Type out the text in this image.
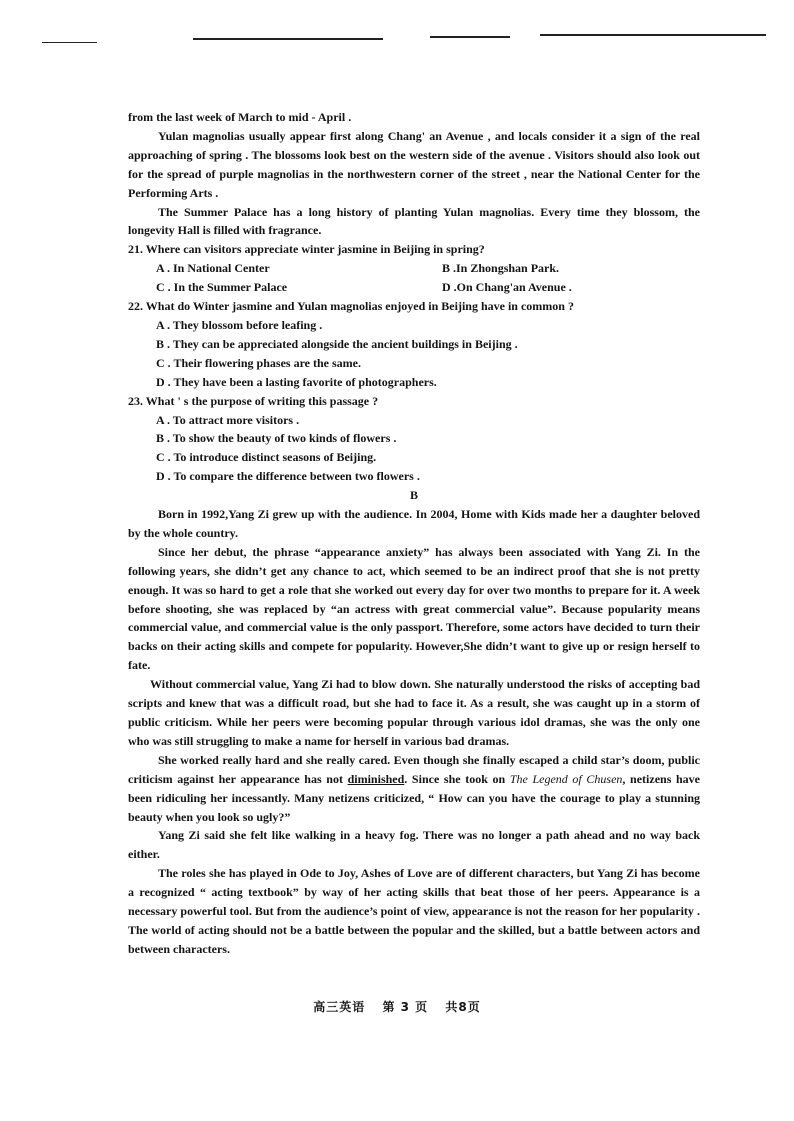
from the last week of March to mid - April .

Yulan magnolias usually appear first along Chang' an Avenue , and locals consider it a sign of the real approaching of spring . The blossoms look best on the western side of the avenue . Visitors should also look out for the spread of purple magnolias in the northwestern corner of the street , near the National Center for the Performing Arts .

The Summer Palace has a long history of planting Yulan magnolias. Every time they blossom, the longevity Hall is filled with fragrance.

21. Where can visitors appreciate winter jasmine in Beijing in spring?

A . In National Center	B .In Zhongshan Park.
C . In the Summer Palace	D .On Chang'an Avenue .

22. What do Winter jasmine and Yulan magnolias enjoyed in Beijing have in common ?

A . They blossom before leafing .
B . They can be appreciated alongside the ancient buildings in Beijing .
C . Their flowering phases are the same.
D . They have been a lasting favorite of photographers.

23. What ' s the purpose of writing this passage ?

A . To attract more visitors .
B . To show the beauty of two kinds of flowers .
C . To introduce distinct seasons of Beijing.
D . To compare the difference between two flowers .

B

Born in 1992,Yang Zi grew up with the audience. In 2004, Home with Kids made her a daughter beloved by the whole country.

Since her debut, the phrase “appearance anxiety” has always been associated with Yang Zi. In the following years, she didn’t get any chance to act, which seemed to be an indirect proof that she is not pretty enough. It was so hard to get a role that she worked out every day for over two months to prepare for it. A week before shooting, she was replaced by “an actress with great commercial value”. Because popularity means commercial value, and commercial value is the only passport. Therefore, some actors have decided to turn their backs on their acting skills and compete for popularity. However,She didn’t want to give up or resign herself to fate.

Without commercial value, Yang Zi had to blow down. She naturally understood the risks of accepting bad scripts and knew that was a difficult road, but she had to face it. As a result, she was caught up in a storm of public criticism. While her peers were becoming popular through various idol dramas, she was the only one who was still struggling to make a name for herself in various bad dramas.

She worked really hard and she really cared. Even though she finally escaped a child star’s doom, public criticism against her appearance has not diminished. Since she took on The Legend of Chusen, netizens have been ridiculing her incessantly. Many netizens criticized, “ How can you have the courage to play a stunning beauty when you look so ugly?”

Yang Zi said she felt like walking in a heavy fog. There was no longer a path ahead and no way back either.

The roles she has played in Ode to Joy, Ashes of Love are of different characters, but Yang Zi has become a recognized “ acting textbook” by way of her acting skills that beat those of her peers. Appearance is a necessary powerful tool. But from the audience’s point of view, appearance is not the reason for her popularity . The world of acting should not be a battle between the popular and the skilled, but a battle between actors and between characters.

高三英语 第 3 页 共8页
